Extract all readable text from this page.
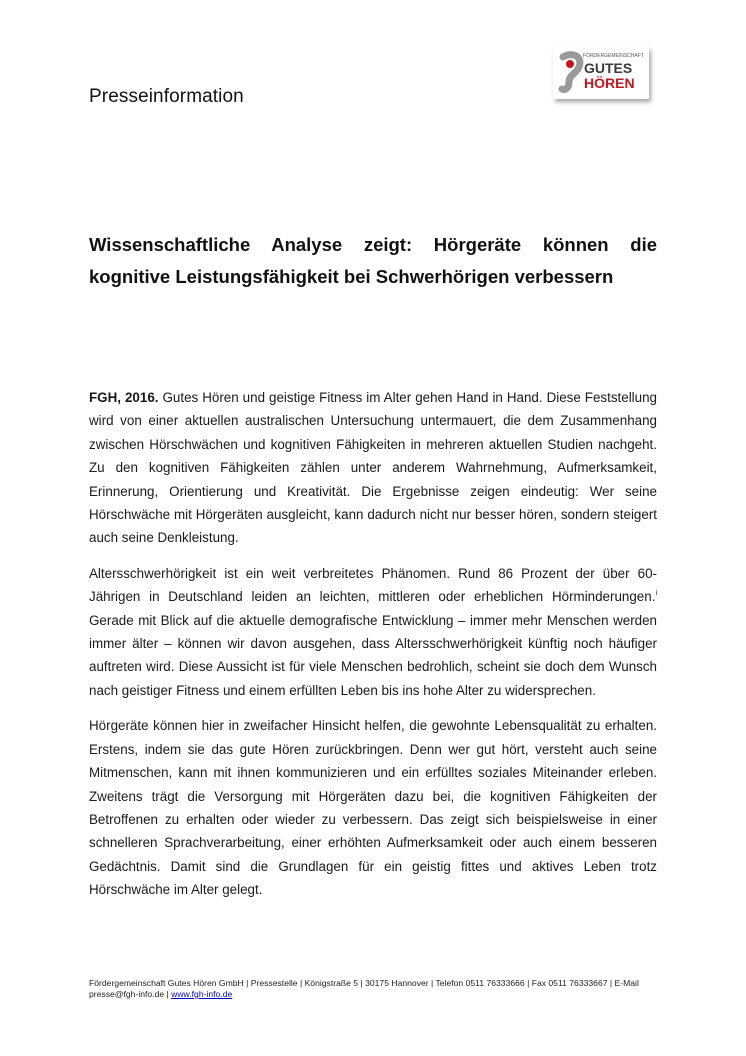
FÖRDERGEMEINSCHAFT
GUTES
HÖREN
Presseinformation
Wissenschaftliche Analyse zeigt: Hörgeräte können die kognitive Leistungsfähigkeit bei Schwerhörigen verbessern

FGH, 2016. Gutes Hören und geistige Fitness im Alter gehen Hand in Hand. Diese Feststellung wird von einer aktuellen australischen Untersuchung untermauert, die dem Zusammenhang zwischen Hörschwächen und kognitiven Fähigkeiten in mehreren aktuellen Studien nachgeht. Zu den kognitiven Fähigkeiten zählen unter anderem Wahrnehmung, Aufmerksamkeit, Erinnerung, Orientierung und Kreativität. Die Ergebnisse zeigen eindeutig: Wer seine Hörschwäche mit Hörgeräten ausgleicht, kann dadurch nicht nur besser hören, sondern steigert auch seine Denkleistung.

Altersschwerhörigkeit ist ein weit verbreitetes Phänomen. Rund 86 Prozent der über 60-Jährigen in Deutschland leiden an leichten, mittleren oder erheblichen Hörminderungen.$^i$ Gerade mit Blick auf die aktuelle demografische Entwicklung – immer mehr Menschen werden immer älter – können wir davon ausgehen, dass Altersschwerhörigkeit künftig noch häufiger auftreten wird. Diese Aussicht ist für viele Menschen bedrohlich, scheint sie doch dem Wunsch nach geistiger Fitness und einem erfüllten Leben bis ins hohe Alter zu widersprechen.

Hörgeräte können hier in zweifacher Hinsicht helfen, die gewohnte Lebensqualität zu erhalten. Erstens, indem sie das gute Hören zurückbringen. Denn wer gut hört, versteht auch seine Mitmenschen, kann mit ihnen kommunizieren und ein erfülltes soziales Miteinander erleben. Zweitens trägt die Versorgung mit Hörgeräten dazu bei, die kognitiven Fähigkeiten der Betroffenen zu erhalten oder wieder zu verbessern. Das zeigt sich beispielsweise in einer schnelleren Sprachverarbeitung, einer erhöhten Aufmerksamkeit oder auch einem besseren Gedächtnis. Damit sind die Grundlagen für ein geistig fittes und aktives Leben trotz Hörschwäche im Alter gelegt.

Fördergemeinschaft Gutes Hören GmbH | Pressestelle | Königstraße 5 | 30175 Hannover | Telefon 0511 76333666 | Fax 0511 76333667 | E-Mail presse@fgh-info.de | www.fgh-info.de
